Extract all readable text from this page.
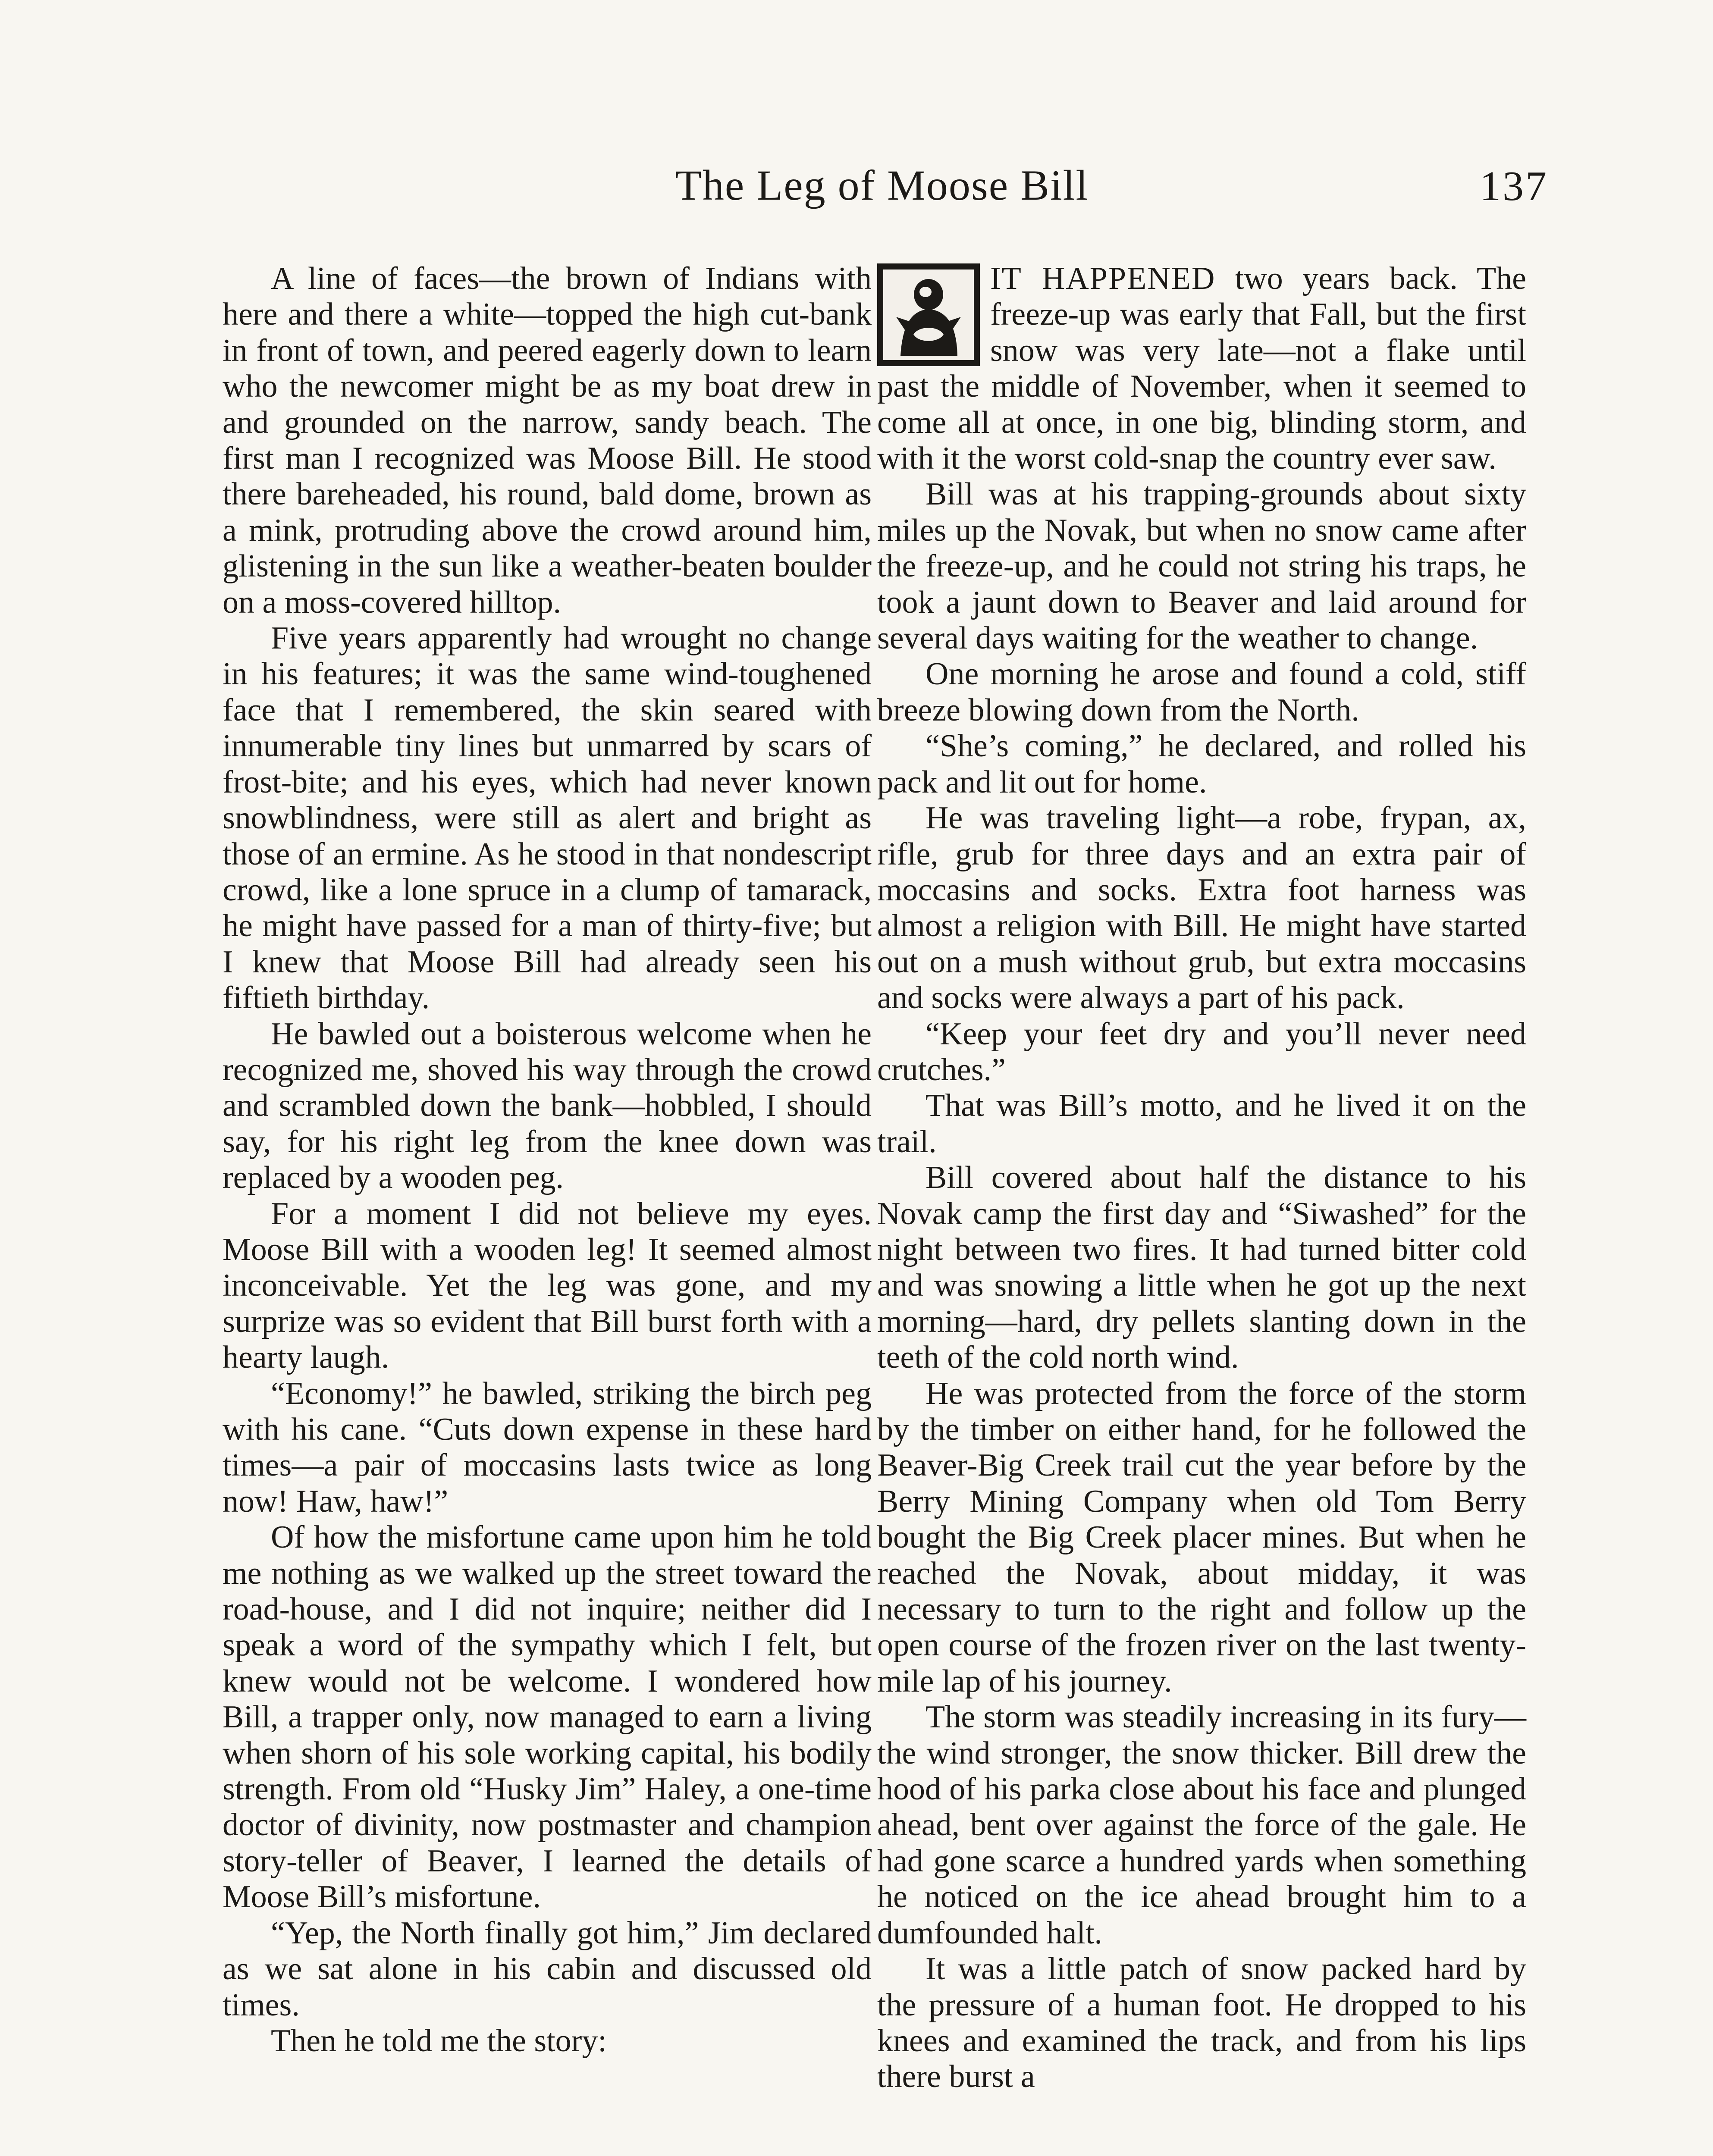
The Leg of Moose Bill	137

A line of faces—the brown of Indians with here and there a white—topped the high cut-bank in front of town, and peered eagerly down to learn who the newcomer might be as my boat drew in and grounded on the narrow, sandy beach. The first man I recognized was Moose Bill. He stood there bareheaded, his round, bald dome, brown as a mink, protruding above the crowd around him, glistening in the sun like a weather-beaten boulder on a moss-covered hilltop.

Five years apparently had wrought no change in his features; it was the same wind-toughened face that I remembered, the skin seared with innumerable tiny lines but unmarred by scars of frost-bite; and his eyes, which had never known snowblindness, were still as alert and bright as those of an ermine. As he stood in that nondescript crowd, like a lone spruce in a clump of tamarack, he might have passed for a man of thirty-five; but I knew that Moose Bill had already seen his fiftieth birthday.

He bawled out a boisterous welcome when he recognized me, shoved his way through the crowd and scrambled down the bank—hobbled, I should say, for his right leg from the knee down was replaced by a wooden peg.

For a moment I did not believe my eyes. Moose Bill with a wooden leg! It seemed almost inconceivable. Yet the leg was gone, and my surprize was so evident that Bill burst forth with a hearty laugh.

“Economy!” he bawled, striking the birch peg with his cane. “Cuts down expense in these hard times—a pair of moccasins lasts twice as long now! Haw, haw!”

Of how the misfortune came upon him he told me nothing as we walked up the street toward the road-house, and I did not inquire; neither did I speak a word of the sympathy which I felt, but knew would not be welcome. I wondered how Bill, a trapper only, now managed to earn a living when shorn of his sole working capital, his bodily strength. From old “Husky Jim” Haley, a one-time doctor of divinity, now postmaster and champion story-teller of Beaver, I learned the details of Moose Bill’s misfortune.

“Yep, the North finally got him,” Jim declared as we sat alone in his cabin and discussed old times.

Then he told me the story:

IT HAPPENED two years back. The freeze-up was early that Fall, but the first snow was very late—not a flake until past the middle of November, when it seemed to come all at once, in one big, blinding storm, and with it the worst cold-snap the country ever saw.

Bill was at his trapping-grounds about sixty miles up the Novak, but when no snow came after the freeze-up, and he could not string his traps, he took a jaunt down to Beaver and laid around for several days waiting for the weather to change.

One morning he arose and found a cold, stiff breeze blowing down from the North.

“She’s coming,” he declared, and rolled his pack and lit out for home.

He was traveling light—a robe, frypan, ax, rifle, grub for three days and an extra pair of moccasins and socks. Extra foot harness was almost a religion with Bill. He might have started out on a mush without grub, but extra moccasins and socks were always a part of his pack.

“Keep your feet dry and you’ll never need crutches.”

That was Bill’s motto, and he lived it on the trail.

Bill covered about half the distance to his Novak camp the first day and “Siwashed” for the night between two fires. It had turned bitter cold and was snowing a little when he got up the next morning—hard, dry pellets slanting down in the teeth of the cold north wind.

He was protected from the force of the storm by the timber on either hand, for he followed the Beaver-Big Creek trail cut the year before by the Berry Mining Company when old Tom Berry bought the Big Creek placer mines. But when he reached the Novak, about midday, it was necessary to turn to the right and follow up the open course of the frozen river on the last twenty-mile lap of his journey.

The storm was steadily increasing in its fury—the wind stronger, the snow thicker. Bill drew the hood of his parka close about his face and plunged ahead, bent over against the force of the gale. He had gone scarce a hundred yards when something he noticed on the ice ahead brought him to a dumfounded halt.

It was a little patch of snow packed hard by the pressure of a human foot. He dropped to his knees and examined the track, and from his lips there burst a
